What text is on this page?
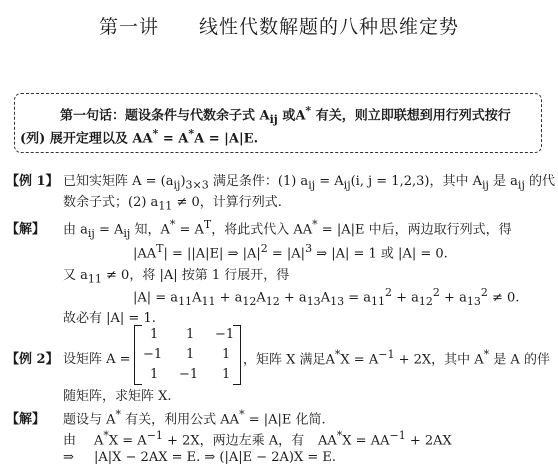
第一讲　　线性代数解题的八种思维定势
第一句话：题设条件与代数余子式 $A_{ij}$ 或A* 有关，则立即联想到用行列式按行
(列) 展开定理以及 AA* = A*A = |A|E.
【例 1】 已知实矩阵 $A = (a_{ij})_{3\times 3}$ 满足条件：(1) $a_{ij} = A_{ij}(i$, j = 1,2,3)，其中 $A_{ij}$ 是 $a_{ij}$ 的代
数余子式；(2) $a_{11} \ne 0$，计算行列式.
【解】 由 $a_{ij} = A_{ij}$ 知，$A^* = A^T$，将此式代入 AA* = |A|E 中后，两边取行列式，得
$|AA^T| = ||A|E|$ ⇒ $|A|^2 = |A|^3$ ⇒ |A| = 1 或 |A| = 0.
又 $a_{11} \ne 0$，将 |A| 按第 1 行展开，得
$|A| = a_{11}A_{11} + a_{12}A_{12} + a_{13}A_{13} = a_{11}^2 + a_{12}^2 + a_{13}^2 \ne 0$.
故必有 |A| = 1.
【例 2】 设矩阵 A =
1 1 −1
−1 1 1
1 −1 1
，矩阵 X 满足$A^*X = A^{-1} + 2X$，其中 A* 是 A 的伴
随矩阵，求矩阵 X.
【解】 题设与 A* 有关，利用公式 AA* = |A|E 化简.
由 $A^*X = A^{-1} + 2X$，两边左乘 A，有 $AA^*X = AA^{-1} + 2AX$
⇒ |A|X − 2AX = E. ⇒ (|A|E − 2A)X = E.
